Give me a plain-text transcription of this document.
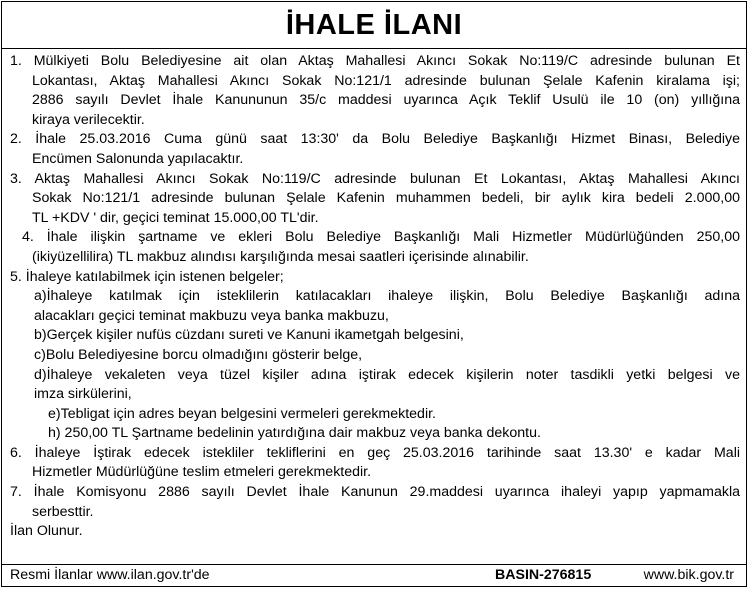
İHALE İLANI
1. Mülkiyeti Bolu Belediyesine ait olan Aktaş Mahallesi Akıncı Sokak No:119/C adresinde bulunan Et
Lokantası, Aktaş Mahallesi Akıncı Sokak No:121/1 adresinde bulunan Şelale Kafenin kiralama işi;
2886 sayılı Devlet İhale Kanununun 35/c maddesi uyarınca Açık Teklif Usulü ile 10 (on) yıllığına
kiraya verilecektir.
2. İhale 25.03.2016 Cuma günü saat 13:30' da Bolu Belediye Başkanlığı Hizmet Binası, Belediye
Encümen Salonunda yapılacaktır.
3. Aktaş Mahallesi Akıncı Sokak No:119/C adresinde bulunan Et Lokantası, Aktaş Mahallesi Akıncı
Sokak No:121/1 adresinde bulunan Şelale Kafenin muhammen bedeli, bir aylık kira bedeli 2.000,00
TL +KDV ' dir, geçici teminat 15.000,00 TL'dir.
4. İhale ilişkin şartname ve ekleri Bolu Belediye Başkanlığı Mali Hizmetler Müdürlüğünden 250,00
(ikiyüzellilira) TL makbuz alındısı karşılığında mesai saatleri içerisinde alınabilir.
5. İhaleye katılabilmek için istenen belgeler;
a)İhaleye katılmak için isteklilerin katılacakları ihaleye ilişkin, Bolu Belediye Başkanlığı adına
alacakları geçici teminat makbuzu veya banka makbuzu,
b)Gerçek kişiler nufüs cüzdanı sureti ve Kanuni ikametgah belgesini,
c)Bolu Belediyesine borcu olmadığını gösterir belge,
d)İhaleye vekaleten veya tüzel kişiler adına iştirak edecek kişilerin noter tasdikli yetki belgesi ve
imza sirkülerini,
e)Tebligat için adres beyan belgesini vermeleri gerekmektedir.
h) 250,00 TL Şartname bedelinin yatırdığına dair makbuz veya banka dekontu.
6. İhaleye İştirak edecek istekliler tekliflerini en geç 25.03.2016 tarihinde saat 13.30' e kadar Mali
Hizmetler Müdürlüğüne teslim etmeleri gerekmektedir.
7. İhale Komisyonu 2886 sayılı Devlet İhale Kanunun 29.maddesi uyarınca ihaleyi yapıp yapmamakla
serbesttir.
İlan Olunur.
Resmi İlanlar www.ilan.gov.tr'de	BASIN-276815	www.bik.gov.tr
